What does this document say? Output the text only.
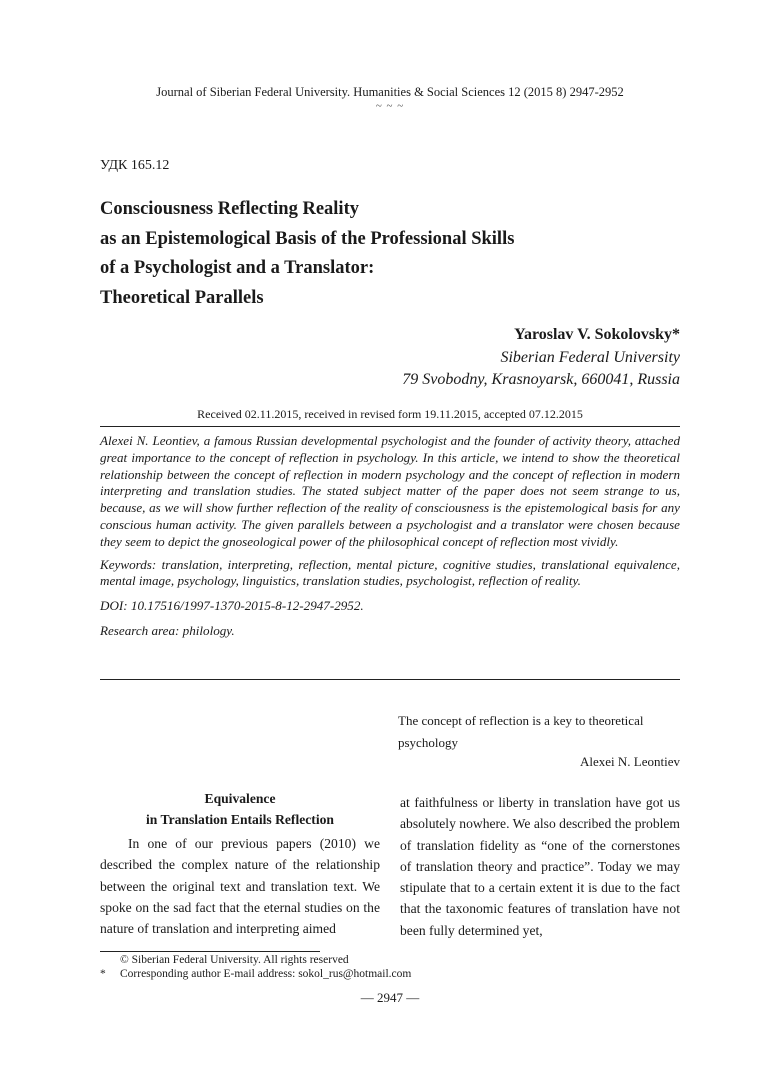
Journal of Siberian Federal University. Humanities & Social Sciences 12 (2015 8) 2947-2952
~ ~ ~
УДК 165.12
Consciousness Reflecting Reality
as an Epistemological Basis of the Professional Skills
of a Psychologist and a Translator:
Theoretical Parallels
Yaroslav V. Sokolovsky*
Siberian Federal University
79 Svobodny, Krasnoyarsk, 660041, Russia
Received 02.11.2015, received in revised form 19.11.2015, accepted 07.12.2015

Alexei N. Leontiev, a famous Russian developmental psychologist and the founder of activity theory, attached great importance to the concept of reflection in psychology. In this article, we intend to show the theoretical relationship between the concept of reflection in modern psychology and the concept of reflection in modern interpreting and translation studies. The stated subject matter of the paper does not seem strange to us, because, as we will show further reflection of the reality of consciousness is the epistemological basis for any conscious human activity. The given parallels between a psychologist and a translator were chosen because they seem to depict the gnoseological power of the philosophical concept of reflection most vividly.

Keywords: translation, interpreting, reflection, mental picture, cognitive studies, translational equivalence, mental image, psychology, linguistics, translation studies, psychologist, reflection of reality.

DOI: 10.17516/1997-1370-2015-8-12-2947-2952.

Research area: philology.

The concept of reflection is a key to theoretical psychology
Alexei N. Leontiev
Equivalence
in Translation Entails Reflection

In one of our previous papers (2010) we described the complex nature of the relationship between the original text and translation text. We spoke on the sad fact that the eternal studies on the nature of translation and interpreting aimed

at faithfulness or liberty in translation have got us absolutely nowhere. We also described the problem of translation fidelity as “one of the cornerstones of translation theory and practice”. Today we may stipulate that to a certain extent it is due to the fact that the taxonomic features of translation have not been fully determined yet,

© Siberian Federal University. All rights reserved
* Corresponding author E-mail address: sokol_rus@hotmail.com
— 2947 —
